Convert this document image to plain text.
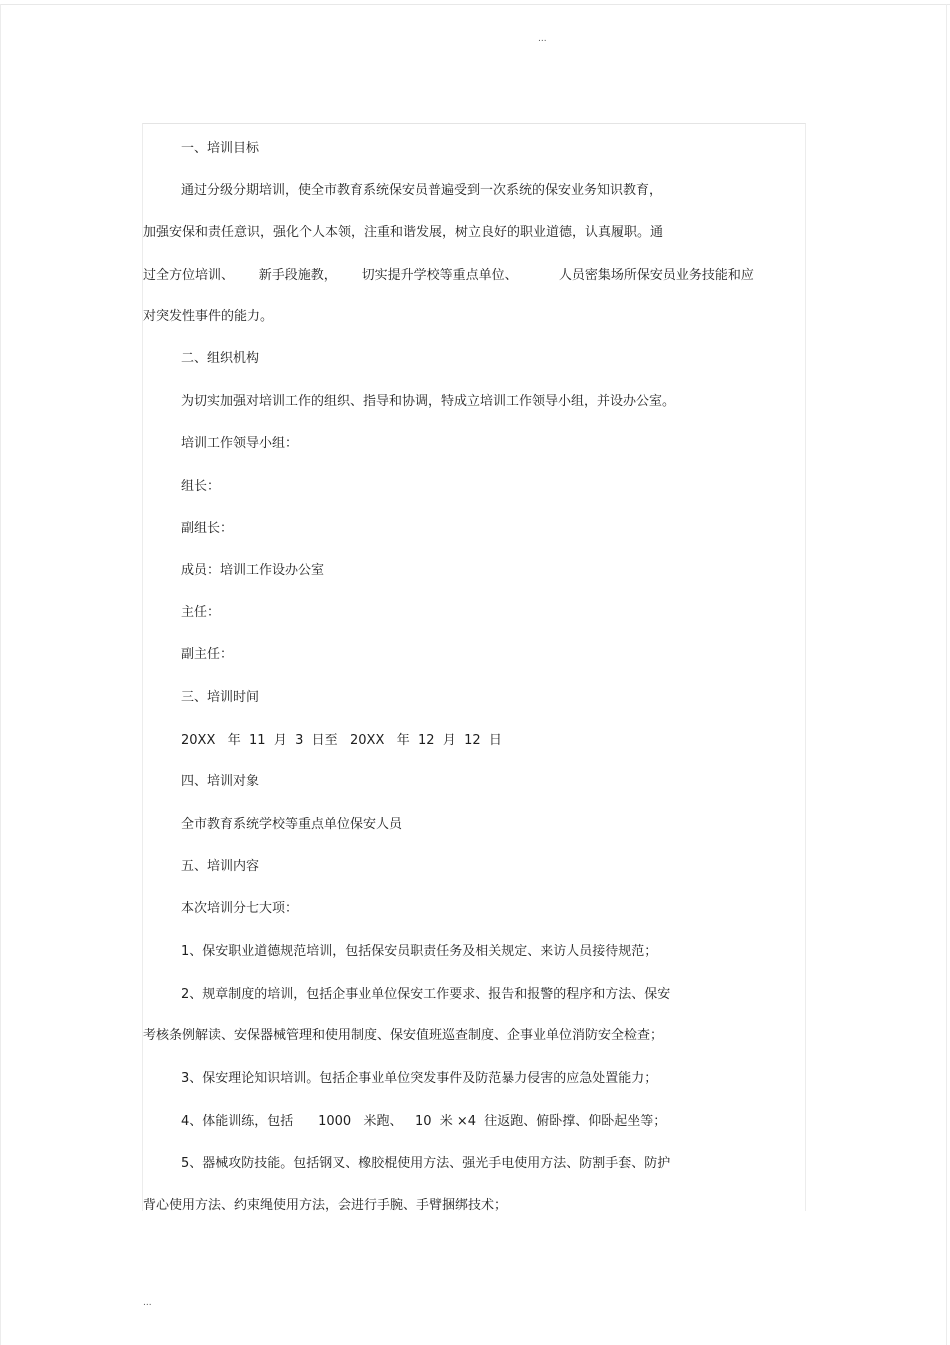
...
一、培训目标
通过分级分期培训，使全市教育系统保安员普遍受到一次系统的保安业务知识教育，
加强安保和责任意识，强化个人本领，注重和谐发展，树立良好的职业道德，认真履职。通
过全方位培训、      新手段施教，      切实提升学校等重点单位、          人员密集场所保安员业务技能和应
对突发性事件的能力。
二、组织机构
为切实加强对培训工作的组织、指导和协调，特成立培训工作领导小组，并设办公室。
培训工作领导小组：
组长：
副组长：
成员：培训工作设办公室
主任：
副主任：
三、培训时间
20XX   年  11  月  3  日至   20XX   年  12  月  12  日
四、培训对象
全市教育系统学校等重点单位保安人员
五、培训内容
本次培训分七大项：
1、保安职业道德规范培训，包括保安员职责任务及相关规定、来访人员接待规范；
2、规章制度的培训，包括企事业单位保安工作要求、报告和报警的程序和方法、保安
考核条例解读、安保器械管理和使用制度、保安值班巡查制度、企事业单位消防安全检查；
3、保安理论知识培训。包括企事业单位突发事件及防范暴力侵害的应急处置能力；
4、体能训练，包括      1000   米跑、   10  米 ×4  往返跑、俯卧撑、仰卧起坐等；
5、器械攻防技能。包括钢叉、橡胶棍使用方法、强光手电使用方法、防割手套、防护
背心使用方法、约束绳使用方法，会进行手腕、手臂捆绑技术；
...
